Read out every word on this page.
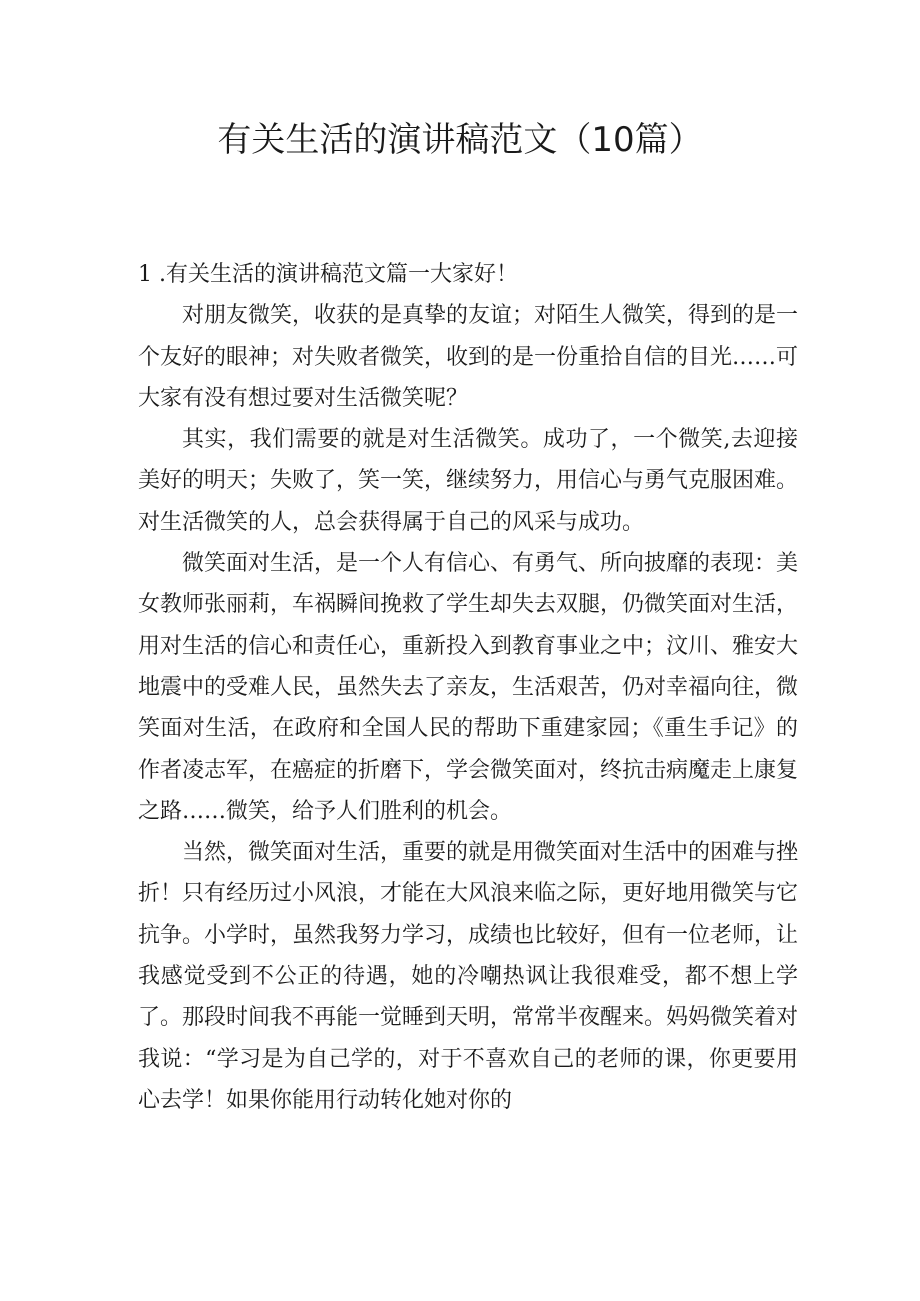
有关生活的演讲稿范文（10篇）

1 .有关生活的演讲稿范文篇一大家好！

对朋友微笑，收获的是真挚的友谊；对陌生人微笑，得到的是一个友好的眼神；对失败者微笑，收到的是一份重拾自信的目光……可大家有没有想过要对生活微笑呢？

其实，我们需要的就是对生活微笑。成功了，一个微笑,去迎接美好的明天；失败了，笑一笑，继续努力，用信心与勇气克服困难。对生活微笑的人，总会获得属于自己的风采与成功。

微笑面对生活，是一个人有信心、有勇气、所向披靡的表现：美女教师张丽莉，车祸瞬间挽救了学生却失去双腿，仍微笑面对生活，用对生活的信心和责任心，重新投入到教育事业之中；汶川、雅安大地震中的受难人民，虽然失去了亲友，生活艰苦，仍对幸福向往，微笑面对生活，在政府和全国人民的帮助下重建家园；《重生手记》的作者凌志军，在癌症的折磨下，学会微笑面对，终抗击病魔走上康复之路……微笑，给予人们胜利的机会。

当然，微笑面对生活，重要的就是用微笑面对生活中的困难与挫折！只有经历过小风浪，才能在大风浪来临之际，更好地用微笑与它抗争。小学时，虽然我努力学习，成绩也比较好，但有一位老师，让我感觉受到不公正的待遇，她的冷嘲热讽让我很难受，都不想上学了。那段时间我不再能一觉睡到天明，常常半夜醒来。妈妈微笑着对我说：“学习是为自己学的，对于不喜欢自己的老师的课，你更要用心去学！如果你能用行动转化她对你的
